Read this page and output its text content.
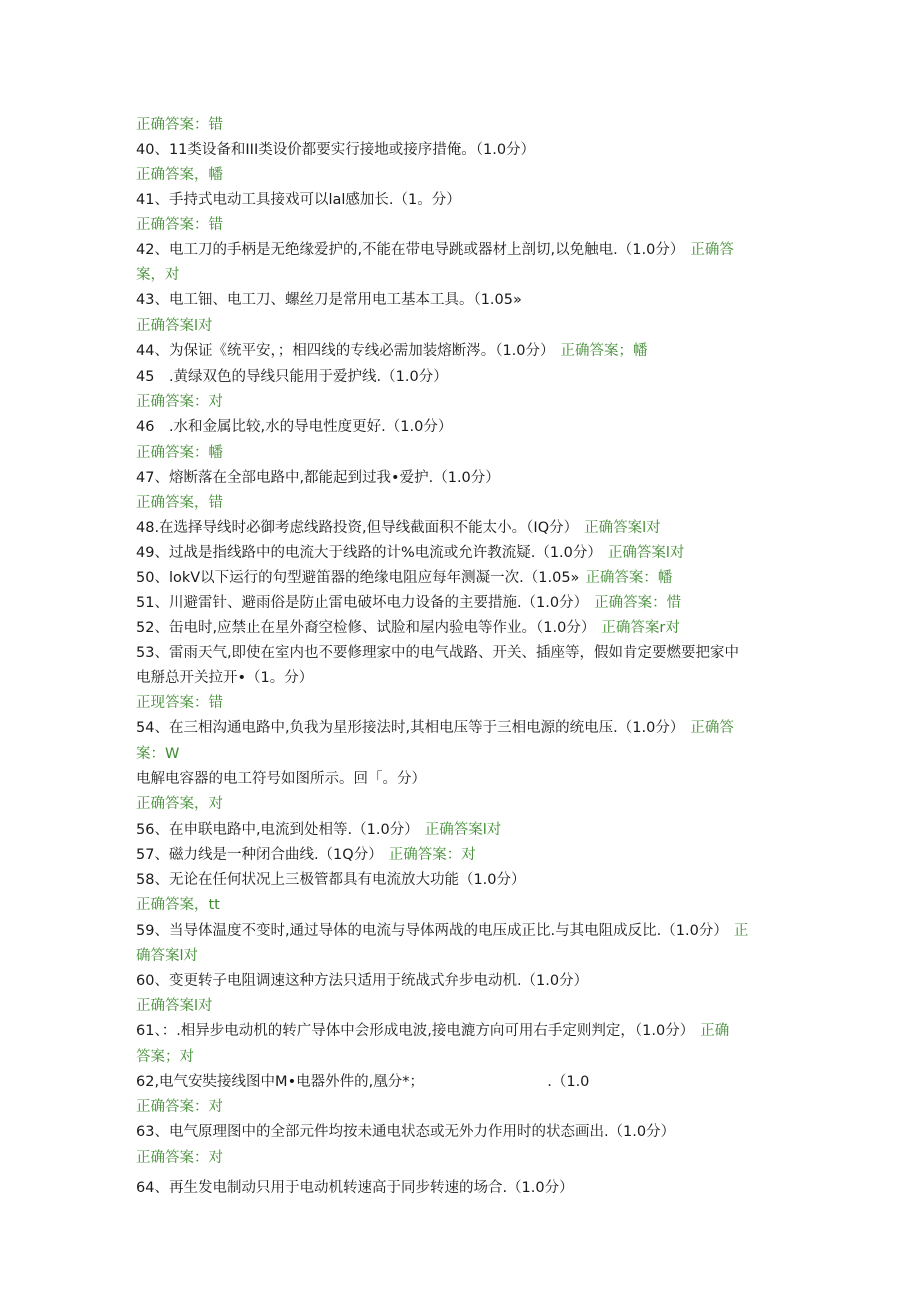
正确答案：错
40、11类设备和III类设价都要实行接地或接序措俺。（1.0分）
正确答案，幡
41、手持式电动工具接戏可以lal感加长.（1。分）
正确答案：错
42、电工刀的手柄是无绝缘爱护的,不能在带电导跳或器材上剖切,以免触电.（1.0分） 正确答
案，对
43、电工钿、电工刀、螺丝刀是常用电工基本工具。（1.05»
正确答案l对
44、为保证《统平安，；相四线的专线必需加装熔断涔。（1.0分） 正确答案；幡
45　.黄绿双色的导线只能用于爱护线.（1.0分）
正确答案：对
46　.水和金属比较,水的导电性度更好.（1.0分）
正确答案：幡
47、熔断落在全部电路中,都能起到过我•爱护.（1.0分）
正确答案，错
48.在选择导线时必御考虑线路投资,但导线截面积不能太小。（IQ分） 正确答案l对
49、过战是指线路中的电流大于线路的计%电流或允许教流疑.（1.0分） 正确答案l对
50、lokV以下运行的句型避笛器的绝缘电阻应每年测凝一次.（1.05» 正确答案：幡
51、川避雷针、避雨俗是防止雷电破坏电力设备的主要措施.（1.0分） 正确答案：惜
52、缶电时,应禁止在星外裔空检修、试脸和屋内验电等作业。（1.0分） 正确答案r对
53、雷雨天气,即使在室内也不要修理家中的电气战路、开关、插座等，假如肯定要燃要把家中
电掰总开关拉开•（1。分）
正现答案：错
54、在三相沟通电路中,负我为星形接法时,其相电压等于三相电源的统电压.（1.0分） 正确答
案：W
电解电容器的电工符号如图所示。回「。分）
正确答案，对
56、在申联电路中,电流到处相等.（1.0分） 正确答案l对
57、磁力线是一种闭合曲线.（1Q分） 正确答案：对
58、无论在任何状况上三极管都具有电流放大功能（1.0分）
正确答案，tt
59、当导体温度不变时,通过导体的电流与导体两战的电压成正比.与其电阻成反比.（1.0分） 正
确答案l对
60、变更转子电阻调速这种方法只适用于统战式弁步电动机.（1.0分）
正确答案l对
61、：.相异步电动机的转广导体中会形成电波,接电漉方向可用右手定则判定，（1.0分） 正确
答案；对
62,电气安奘接线图中M•电器外件的,凰分*；　　　　　　　　　.（1.0
正确答案：对
63、电气原理图中的全部元件均按未通电状态或无外力作用时的状态画出.（1.0分）
正确答案：对
64、再生发电制动只用于电动机转速高于同步转速的场合.（1.0分）
